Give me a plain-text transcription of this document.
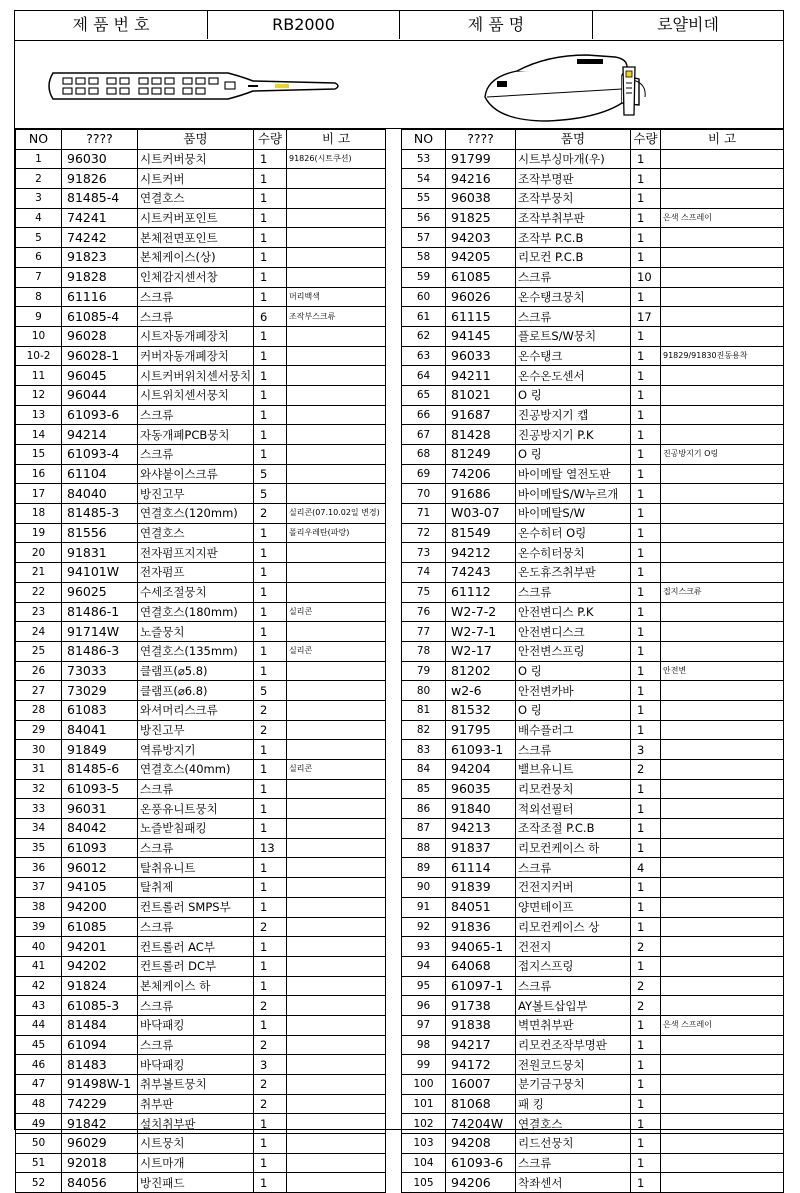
제 품 번 호	RB2000	제 품 명	로얄비데
NO	????	품명	수량	비 고
1	96030	시트커버뭉치	1	91826(시트쿠션)
2	91826	시트커버	1	
3	81485-4	연결호스	1	
4	74241	시트커버포인트	1	
5	74242	본체전면포인트	1	
6	91823	본체케이스(상)	1	
7	91828	인체감지센서창	1	
8	61116	스크류	1	머리백색
9	61085-4	스크류	6	조작부스크류
10	96028	시트자동개폐장치	1	
10-2	96028-1	커버자동개폐장치	1	
11	96045	시트커버위치센서뭉치	1	
12	96044	시트위치센서뭉치	1	
13	61093-6	스크류	1	
14	94214	자동개폐PCB뭉치	1	
15	61093-4	스크류	1	
16	61104	와샤붙이스크류	5	
17	84040	방진고무	5	
18	81485-3	연결호스(120mm)	2	실리콘(07.10.02일 변경)
19	81556	연결호스	1	폴리우레탄(파랑)
20	91831	전자펌프지지판	1	
21	94101W	전자펌프	1	
22	96025	수세조절뭉치	1	
23	81486-1	연결호스(180mm)	1	실리콘
24	91714W	노즐뭉치	1	
25	81486-3	연결호스(135mm)	1	실리콘
26	73033	클램프(⌀5.8)	1	
27	73029	클램프(⌀6.8)	5	
28	61083	와셔머리스크류	2	
29	84041	방진고무	2	
30	91849	역류방지기	1	
31	81485-6	연결호스(40mm)	1	실리콘
32	61093-5	스크류	1	
33	96031	온풍유니트뭉치	1	
34	84042	노즐받침패킹	1	
35	61093	스크류	13	
36	96012	탈취유니트	1	
37	94105	탈취제	1	
38	94200	컨트롤러 SMPS부	1	
39	61085	스크류	2	
40	94201	컨트롤러 AC부	1	
41	94202	컨트롤러 DC부	1	
42	91824	본체케이스 하	1	
43	61085-3	스크류	2	
44	81484	바닥패킹	1	
45	61094	스크류	2	
46	81483	바닥패킹	3	
47	91498W-1	취부볼트뭉치	2	
48	74229	취부판	2	
49	91842	설치취부판	1	
50	96029	시트뭉치	1	
51	92018	시트마개	1	
52	84056	방진패드	1	
NO	????	품명	수량	비 고
53	91799	시트부싱마개(우)	1	
54	94216	조작부명판	1	
55	96038	조작부뭉치	1	
56	91825	조작부취부판	1	은색 스프레이
57	94203	조작부 P.C.B	1	
58	94205	리모컨 P.C.B	1	
59	61085	스크류	10	
60	96026	온수탱크뭉치	1	
61	61115	스크류	17	
62	94145	플로트S/W뭉치	1	
63	96033	온수탱크	1	91829/91830진동용착
64	94211	온수온도센서	1	
65	81021	O 링	1	
66	91687	진공방지기 캡	1	
67	81428	진공방지기 P.K	1	
68	81249	O 링	1	진공방지기 O링
69	74206	바이메탈 열전도판	1	
70	91686	바이메탈S/W누르개	1	
71	W03-07	바이메탈S/W	1	
72	81549	온수히터 O링	1	
73	94212	온수히터뭉치	1	
74	74243	온도휴즈취부판	1	
75	61112	스크류	1	접지스크류
76	W2-7-2	안전변디스 P.K	1	
77	W2-7-1	안전변디스크	1	
78	W2-17	안전변스프링	1	
79	81202	O 링	1	안전변
80	w2-6	안전변카바	1	
81	81532	O 링	1	
82	91795	배수플러그	1	
83	61093-1	스크류	3	
84	94204	밸브유니트	2	
85	96035	리모컨뭉치	1	
86	91840	적외선필터	1	
87	94213	조작조절 P.C.B	1	
88	91837	리모컨케이스 하	1	
89	61114	스크류	4	
90	91839	건전지커버	1	
91	84051	양면테이프	1	
92	91836	리모컨케이스 상	1	
93	94065-1	건전지	2	
94	64068	접지스프링	1	
95	61097-1	스크류	2	
96	91738	AY볼트삽입부	2	
97	91838	벽면취부판	1	은색 스프레이
98	94217	리모컨조작부명판	1	
99	94172	전원코드뭉치	1	
100	16007	분기금구뭉치	1	
101	81068	패 킹	1	
102	74204W	연결호스	1	
103	94208	리드선뭉치	1	
104	61093-6	스크류	1	
105	94206	착좌센서	1	
